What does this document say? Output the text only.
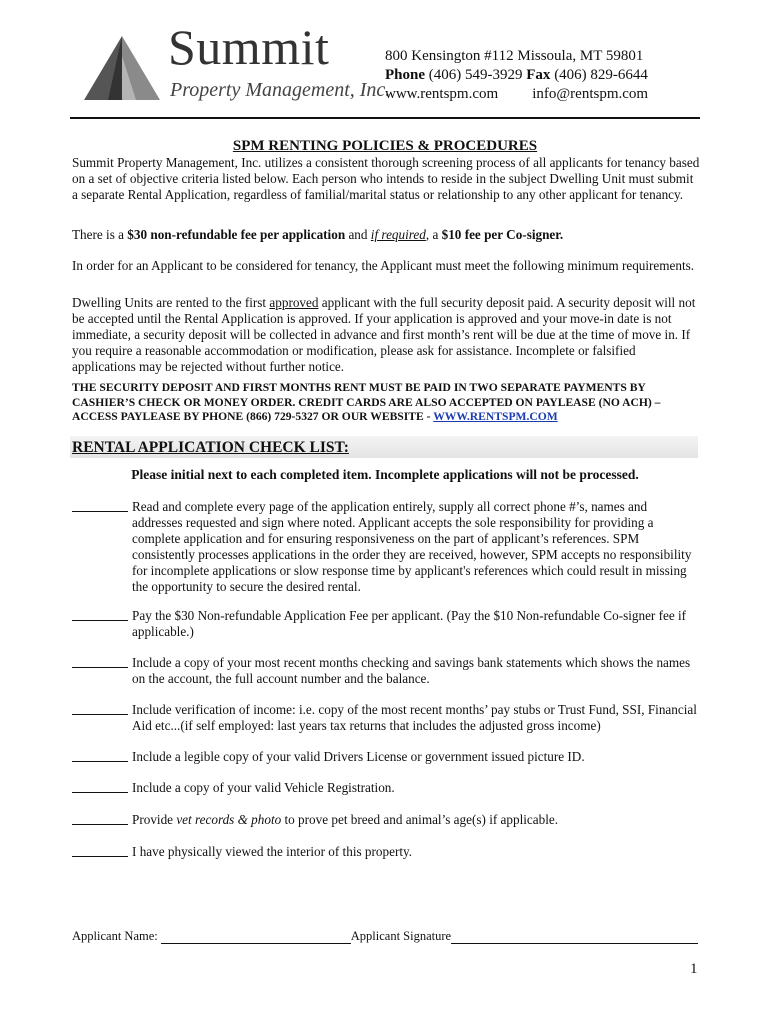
Summit
Property Management, Inc.
800 Kensington #112 Missoula, MT 59801
Phone (406) 549-3929 Fax (406) 829-6644
www.rentspm.com info@rentspm.com
SPM RENTING POLICIES & PROCEDURES
Summit Property Management, Inc. utilizes a consistent thorough screening process of all applicants for tenancy based on a set of objective criteria listed below. Each person who intends to reside in the subject Dwelling Unit must submit a separate Rental Application, regardless of familial/marital status or relationship to any other applicant for tenancy.
There is a $30 non-refundable fee per application and if required, a $10 fee per Co-signer.
In order for an Applicant to be considered for tenancy, the Applicant must meet the following minimum requirements.
Dwelling Units are rented to the first approved applicant with the full security deposit paid. A security deposit will not be accepted until the Rental Application is approved. If your application is approved and your move-in date is not immediate, a security deposit will be collected in advance and first month’s rent will be due at the time of move in. If you require a reasonable accommodation or modification, please ask for assistance. Incomplete or falsified applications may be rejected without further notice.
THE SECURITY DEPOSIT AND FIRST MONTHS RENT MUST BE PAID IN TWO SEPARATE PAYMENTS BY CASHIER’S CHECK OR MONEY ORDER. CREDIT CARDS ARE ALSO ACCEPTED ON PAYLEASE (NO ACH) – ACCESS PAYLEASE BY PHONE (866) 729-5327 OR OUR WEBSITE - WWW.RENTSPM.COM
RENTAL APPLICATION CHECK LIST:
Please initial next to each completed item. Incomplete applications will not be processed.
Read and complete every page of the application entirely, supply all correct phone #’s, names and addresses requested and sign where noted. Applicant accepts the sole responsibility for providing a complete application and for ensuring responsiveness on the part of applicant’s references. SPM consistently processes applications in the order they are received, however, SPM accepts no responsibility for incomplete applications or slow response time by applicant's references which could result in missing the opportunity to secure the desired rental.
Pay the $30 Non-refundable Application Fee per applicant. (Pay the $10 Non-refundable Co-signer fee if applicable.)
Include a copy of your most recent months checking and savings bank statements which shows the names on the account, the full account number and the balance.
Include verification of income: i.e. copy of the most recent months’ pay stubs or Trust Fund, SSI, Financial Aid etc...(if self employed: last years tax returns that includes the adjusted gross income)
Include a legible copy of your valid Drivers License or government issued picture ID.
Include a copy of your valid Vehicle Registration.
Provide vet records & photo to prove pet breed and animal’s age(s) if applicable.
I have physically viewed the interior of this property.
Applicant Name:	Applicant Signature
1
